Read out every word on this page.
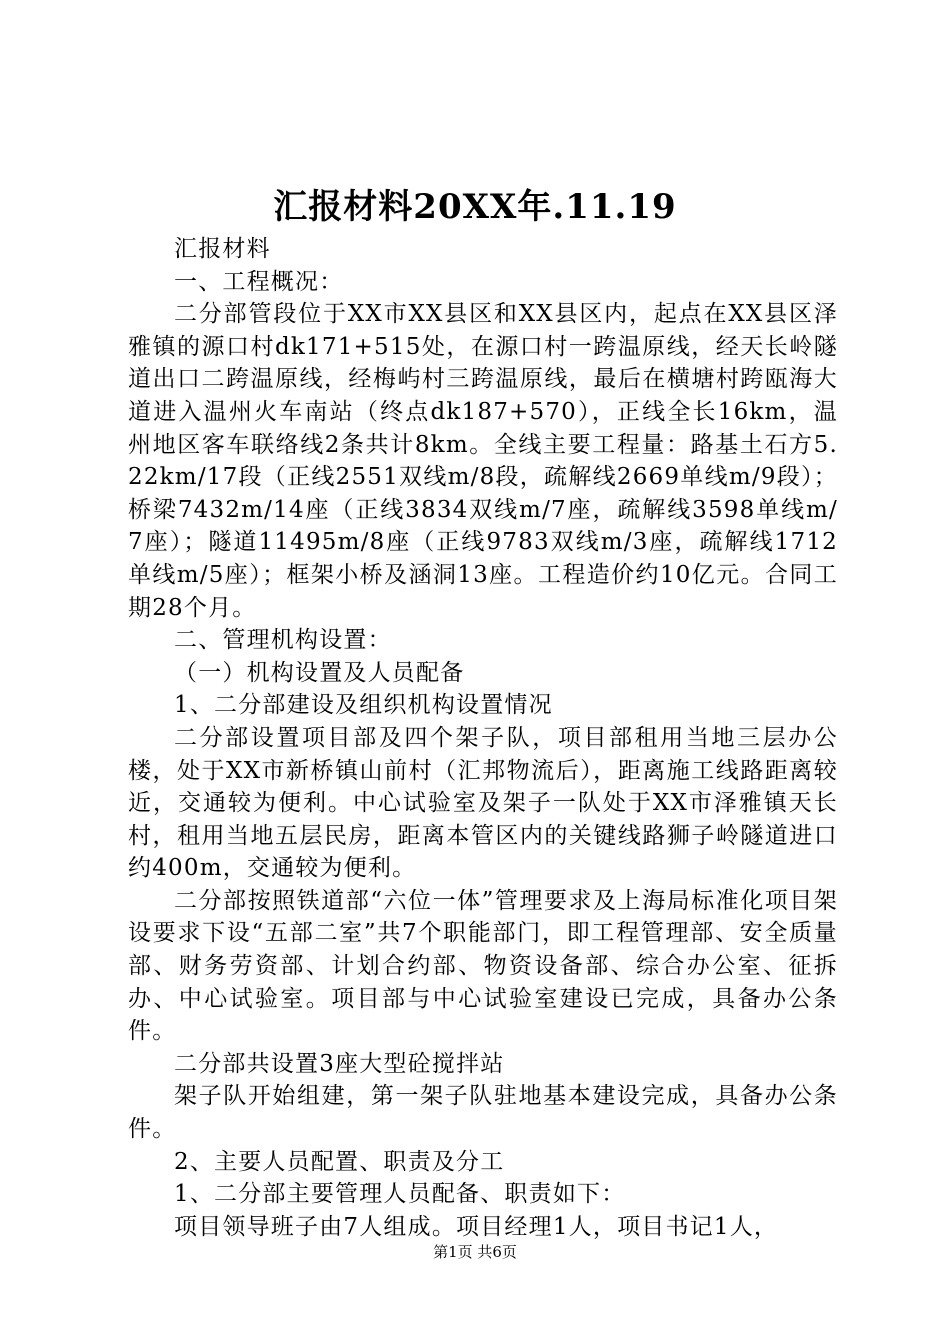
汇报材料20XX年.11.19

汇报材料

一、工程概况：

二分部管段位于XX市XX县区和XX县区内，起点在XX县区泽雅镇的源口村dk171+515处，在源口村一跨温原线，经天长岭隧道出口二跨温原线，经梅屿村三跨温原线，最后在横塘村跨瓯海大道进入温州火车南站（终点dk187+570），正线全长16km，温州地区客车联络线2条共计8km。全线主要工程量：路基土石方5.22km/17段（正线2551双线m/8段，疏解线2669单线m/9段）；桥梁7432m/14座（正线3834双线m/7座，疏解线3598单线m/7座）；隧道11495m/8座（正线9783双线m/3座，疏解线1712单线m/5座）；框架小桥及涵洞13座。工程造价约10亿元。合同工期28个月。

二、管理机构设置：

（一）机构设置及人员配备

1、二分部建设及组织机构设置情况

二分部设置项目部及四个架子队，项目部租用当地三层办公楼，处于XX市新桥镇山前村（汇邦物流后），距离施工线路距离较近，交通较为便利。中心试验室及架子一队处于XX市泽雅镇天长村，租用当地五层民房，距离本管区内的关键线路狮子岭隧道进口约400m，交通较为便利。

二分部按照铁道部“六位一体”管理要求及上海局标准化项目架设要求下设“五部二室”共7个职能部门，即工程管理部、安全质量部、财务劳资部、计划合约部、物资设备部、综合办公室、征拆办、中心试验室。项目部与中心试验室建设已完成，具备办公条件。

二分部共设置3座大型砼搅拌站

架子队开始组建，第一架子队驻地基本建设完成，具备办公条件。

2、主要人员配置、职责及分工

1、二分部主要管理人员配备、职责如下：

项目领导班子由7人组成。项目经理1人，项目书记1人，

第1页 共6页
